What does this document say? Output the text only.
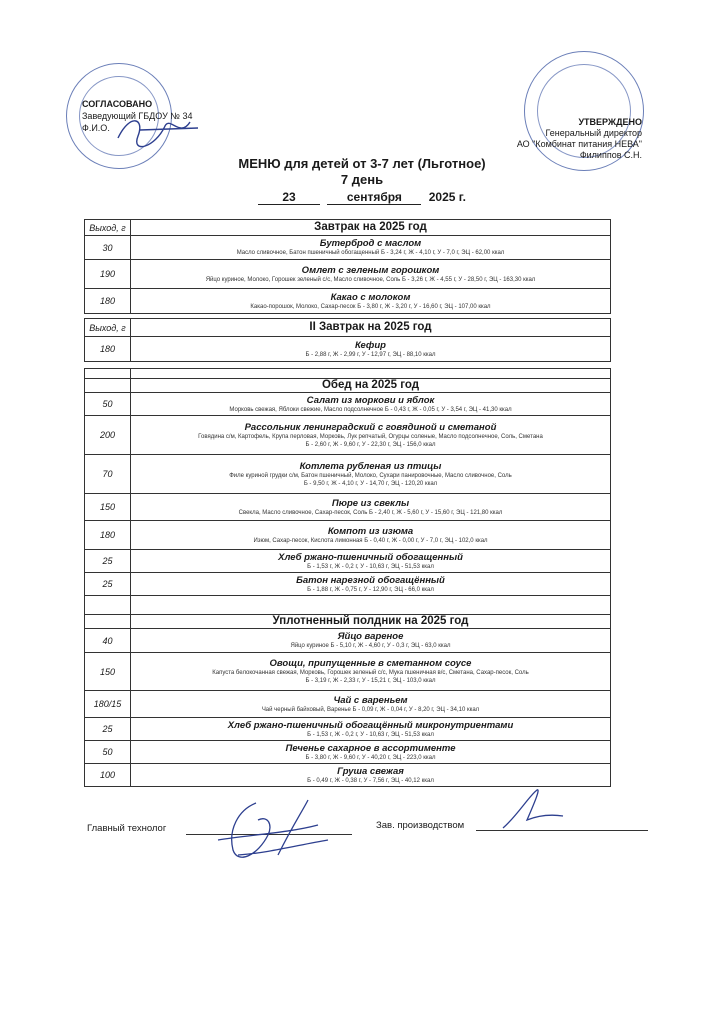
СОГЛАСОВАНО
Заведующий ГБДОУ № 34
Ф.И.О.
УТВЕРЖДЕНО
Генеральный директор
АО "Комбинат питания НЕВА"
Филиппов С.Н.
МЕНЮ для детей от 3-7 лет (Льготное)
7 день
23	сентября 2025 г.
Выход, г	Завтрак на 2025 год
30	Бутерброд с маслом
Масло сливочное, Батон пшеничный обогащенный Б - 3,24 г, Ж - 4,10 г, У - 7,0 г, ЭЦ - 62,00 ккал

190	Омлет с зеленым горошком
Яйцо куриное, Молоко, Горошек зеленый с/с, Масло сливочное, Соль Б - 3,26 г, Ж - 4,55 г, У - 28,50 г, ЭЦ - 163,30 ккал

180	Какао с молоком
Какао-порошок, Молоко, Сахар-песок Б - 3,80 г, Ж - 3,20 г, У - 16,60 г, ЭЦ - 107,00 ккал
Выход, г	II Завтрак на 2025 год
180	Кефир
Б - 2,88 г, Ж - 2,99 г, У - 12,97 г, ЭЦ - 88,10 ккал

	Обед на 2025 год
50	Салат из моркови и яблок
Морковь свежая, Яблоки свежие, Масло подсолнечное Б - 0,43 г, Ж - 0,05 г, У - 3,54 г, ЭЦ - 41,30 ккал

200	Рассольник ленинградский с говядиной и сметаной
Говядина с/м, Картофель, Крупа перловая, Морковь, Лук репчатый, Огурцы соленые, Масло подсолнечное, Соль, Сметана
Б - 2,60 г, Ж - 9,60 г, У - 22,30 г, ЭЦ - 156,0 ккал

70	Котлета рубленая из птицы
Филе куриной грудки с/м, Батон пшеничный, Молоко, Сухари панировочные, Масло сливочное, Соль
Б - 9,50 г, Ж - 4,10 г, У - 14,70 г, ЭЦ - 120,20 ккал

150	Пюре из свеклы
Свекла, Масло сливочное, Сахар-песок, Соль Б - 2,40 г, Ж - 5,60 г, У - 15,60 г, ЭЦ - 121,80 ккал

180	Компот из изюма
Изюм, Сахар-песок, Кислота лимонная Б - 0,40 г, Ж - 0,00 г, У - 7,0 г, ЭЦ - 102,0 ккал

25	Хлеб ржано-пшеничный обогащенный
Б - 1,53 г, Ж - 0,2 г, У - 10,63 г, ЭЦ - 51,53 ккал

25	Батон нарезной обогащённый
Б - 1,88 г, Ж - 0,75 г, У - 12,90 г, ЭЦ - 66,0 ккал

	Уплотненный полдник на 2025 год
40	Яйцо вареное
Яйцо куриное Б - 5,10 г, Ж - 4,60 г, У - 0,3 г, ЭЦ - 63,0 ккал

150	Овощи, припущенные в сметанном соусе
Капуста белокочанная свежая, Морковь, Горошек зеленый с/с, Мука пшеничная в/с, Сметана, Сахар-песок, Соль
Б - 3,19 г, Ж - 2,33 г, У - 15,21 г, ЭЦ - 103,0 ккал

180/15	Чай с вареньем
Чай черный байховый, Варенье Б - 0,09 г, Ж - 0,04 г, У - 8,20 г, ЭЦ - 34,10 ккал

25	Хлеб ржано-пшеничный обогащённый микронутриентами
Б - 1,53 г, Ж - 0,2 г, У - 10,63 г, ЭЦ - 51,53 ккал

50	Печенье сахарное в ассортименте
Б - 3,80 г, Ж - 9,60 г, У - 40,20 г, ЭЦ - 223,0 ккал

100	Груша свежая
Б - 0,49 г, Ж - 0,38 г, У - 7,56 г, ЭЦ - 40,12 ккал
Главный технолог	Зав. производством
